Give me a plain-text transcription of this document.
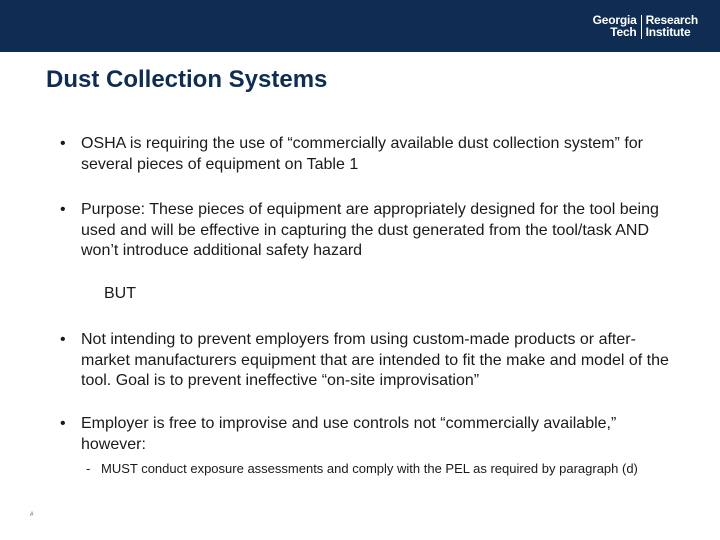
Georgia
Tech
Research
Institute
Dust Collection Systems

• OSHA is requiring the use of “commercially available dust collection system” for several pieces of equipment on Table 1

• Purpose: These pieces of equipment are appropriately designed for the tool being used and will be effective in capturing the dust generated from the tool/task AND won’t introduce additional safety hazard

BUT

• Not intending to prevent employers from using custom-made products or after-market manufacturers equipment that are intended to fit the make and model of the tool. Goal is to prevent ineffective “on-site improvisation”

• Employer is free to improvise and use controls not “commercially available,” however:

- MUST conduct exposure assessments and comply with the PEL as required by paragraph (d)

#
